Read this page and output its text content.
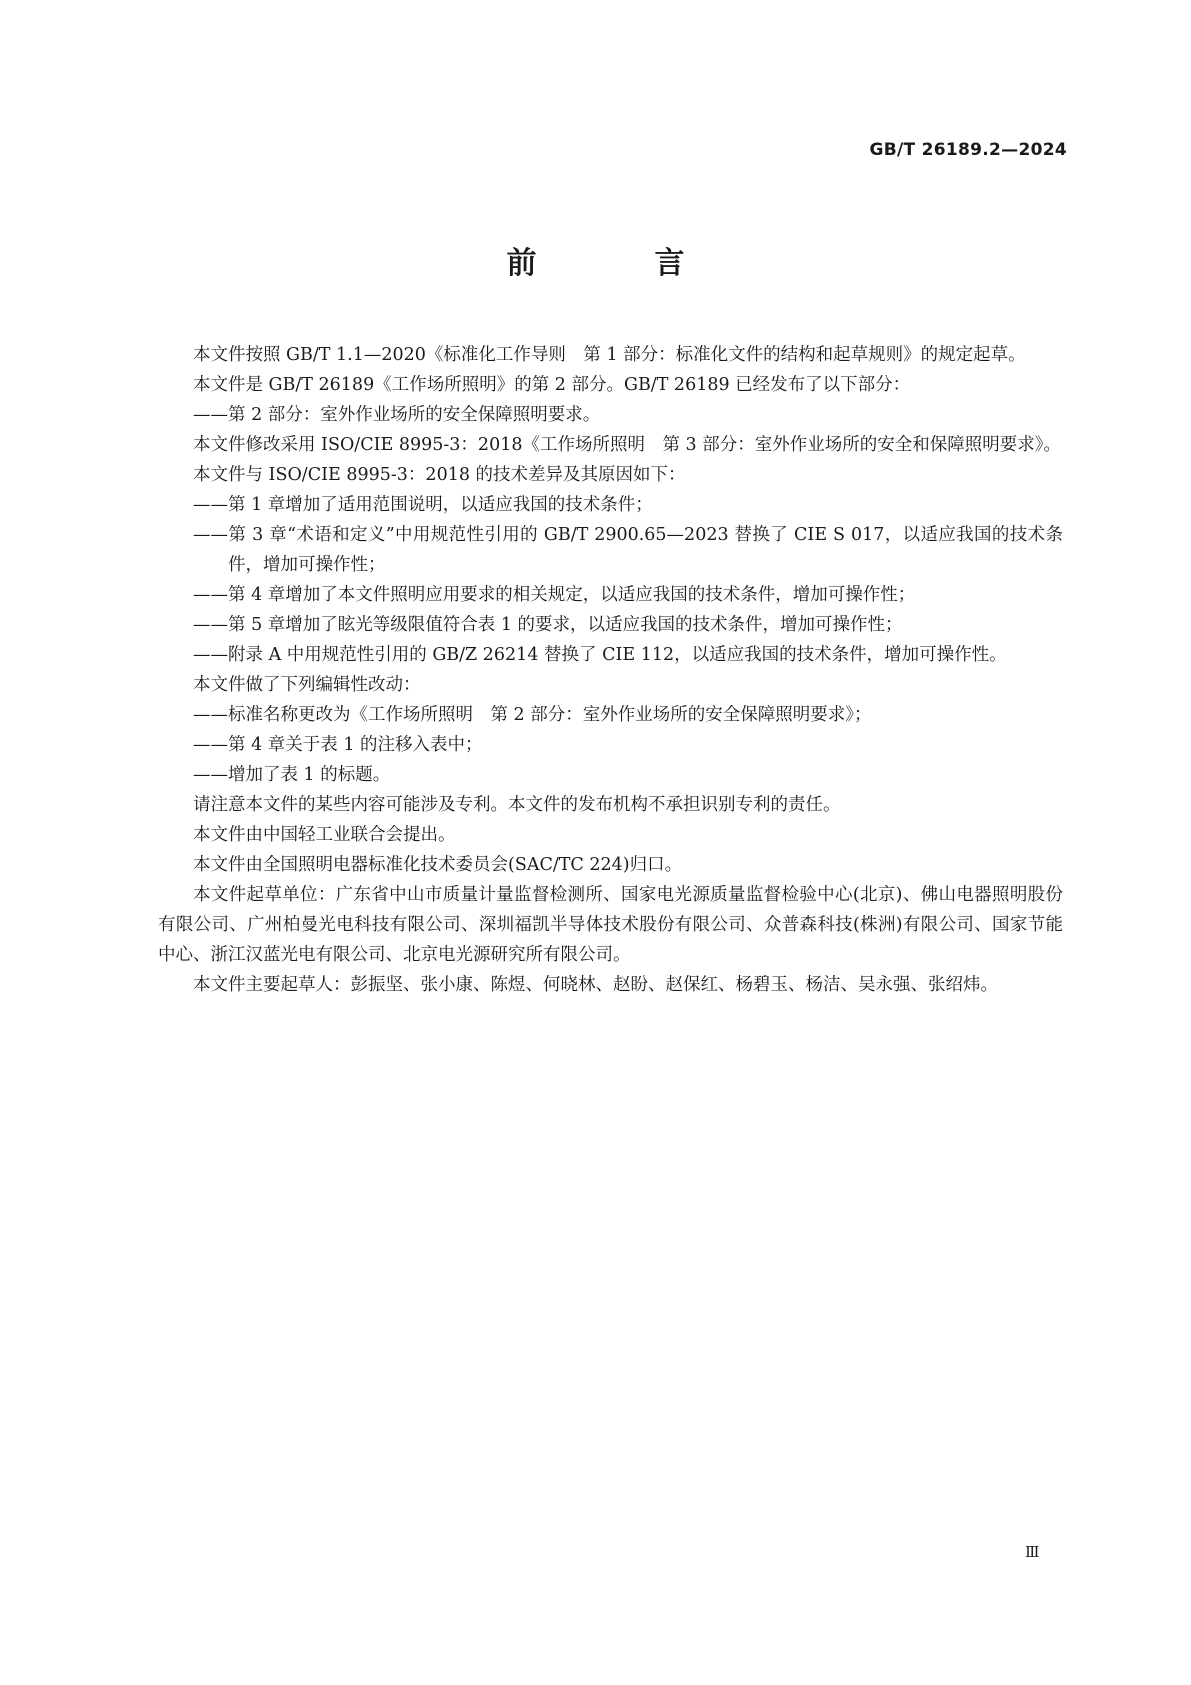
GB/T 26189.2—2024
前　言

本文件按照 GB/T 1.1—2020《标准化工作导则　第 1 部分：标准化文件的结构和起草规则》的规定起草。

本文件是 GB/T 26189《工作场所照明》的第 2 部分。GB/T 26189 已经发布了以下部分：

——第 2 部分：室外作业场所的安全保障照明要求。

本文件修改采用 ISO/CIE 8995-3：2018《工作场所照明　第 3 部分：室外作业场所的安全和保障照明要求》。

本文件与 ISO/CIE 8995-3：2018 的技术差异及其原因如下：

——第 1 章增加了适用范围说明，以适应我国的技术条件；

——第 3 章“术语和定义”中用规范性引用的 GB/T 2900.65—2023 替换了 CIE S 017，以适应我国的技术条件，增加可操作性；

——第 4 章增加了本文件照明应用要求的相关规定，以适应我国的技术条件，增加可操作性；

——第 5 章增加了眩光等级限值符合表 1 的要求，以适应我国的技术条件，增加可操作性；

——附录 A 中用规范性引用的 GB/Z 26214 替换了 CIE 112，以适应我国的技术条件，增加可操作性。

本文件做了下列编辑性改动：

——标准名称更改为《工作场所照明　第 2 部分：室外作业场所的安全保障照明要求》；

——第 4 章关于表 1 的注移入表中；

——增加了表 1 的标题。

请注意本文件的某些内容可能涉及专利。本文件的发布机构不承担识别专利的责任。

本文件由中国轻工业联合会提出。

本文件由全国照明电器标准化技术委员会(SAC/TC 224)归口。

本文件起草单位：广东省中山市质量计量监督检测所、国家电光源质量监督检验中心(北京)、佛山电器照明股份有限公司、广州柏曼光电科技有限公司、深圳福凯半导体技术股份有限公司、众普森科技(株洲)有限公司、国家节能中心、浙江汉蓝光电有限公司、北京电光源研究所有限公司。

本文件主要起草人：彭振坚、张小康、陈煜、何晓林、赵盼、赵保红、杨碧玉、杨洁、吴永强、张绍炜。

Ⅲ
